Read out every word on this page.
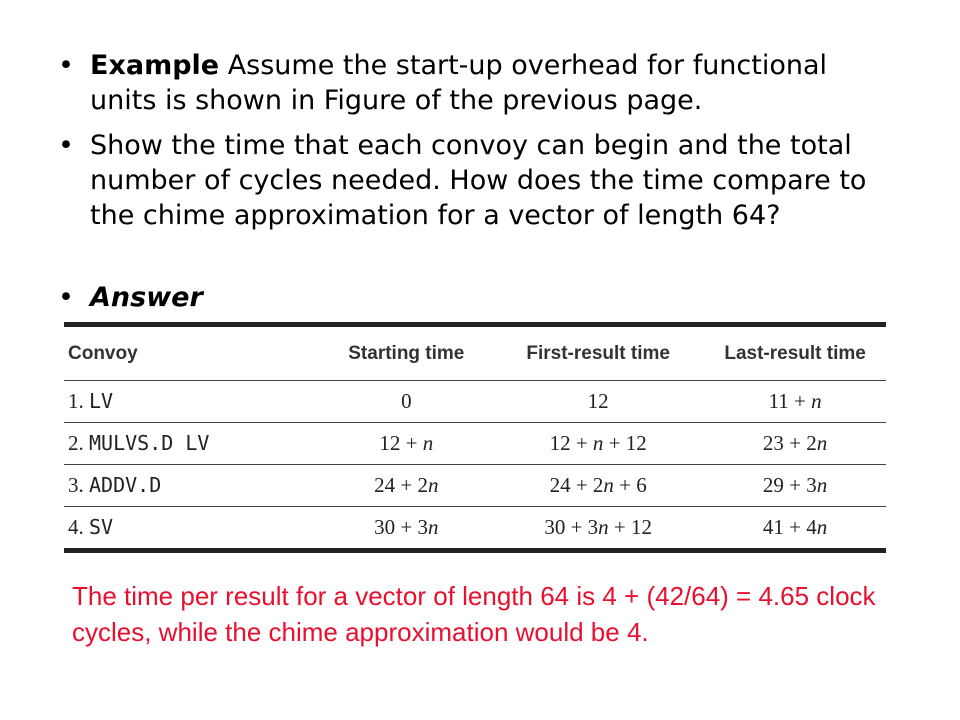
• Example Assume the start-up overhead for functional units is shown in Figure of the previous page.
• Show the time that each convoy can begin and the total number of cycles needed. How does the time compare to the chime approximation for a vector of length 64?
• Answer
Convoy	Starting time	First-result time	Last-result time
1. LV	0	12	11 + n
2. MULVS.D LV	12 + n	12 + n + 12	23 + 2n
3. ADDV.D	24 + 2n	24 + 2n + 6	29 + 3n
4. SV	30 + 3n	30 + 3n + 12	41 + 4n
The time per result for a vector of length 64 is 4 + (42/64) = 4.65 clock cycles, while the chime approximation would be 4.
